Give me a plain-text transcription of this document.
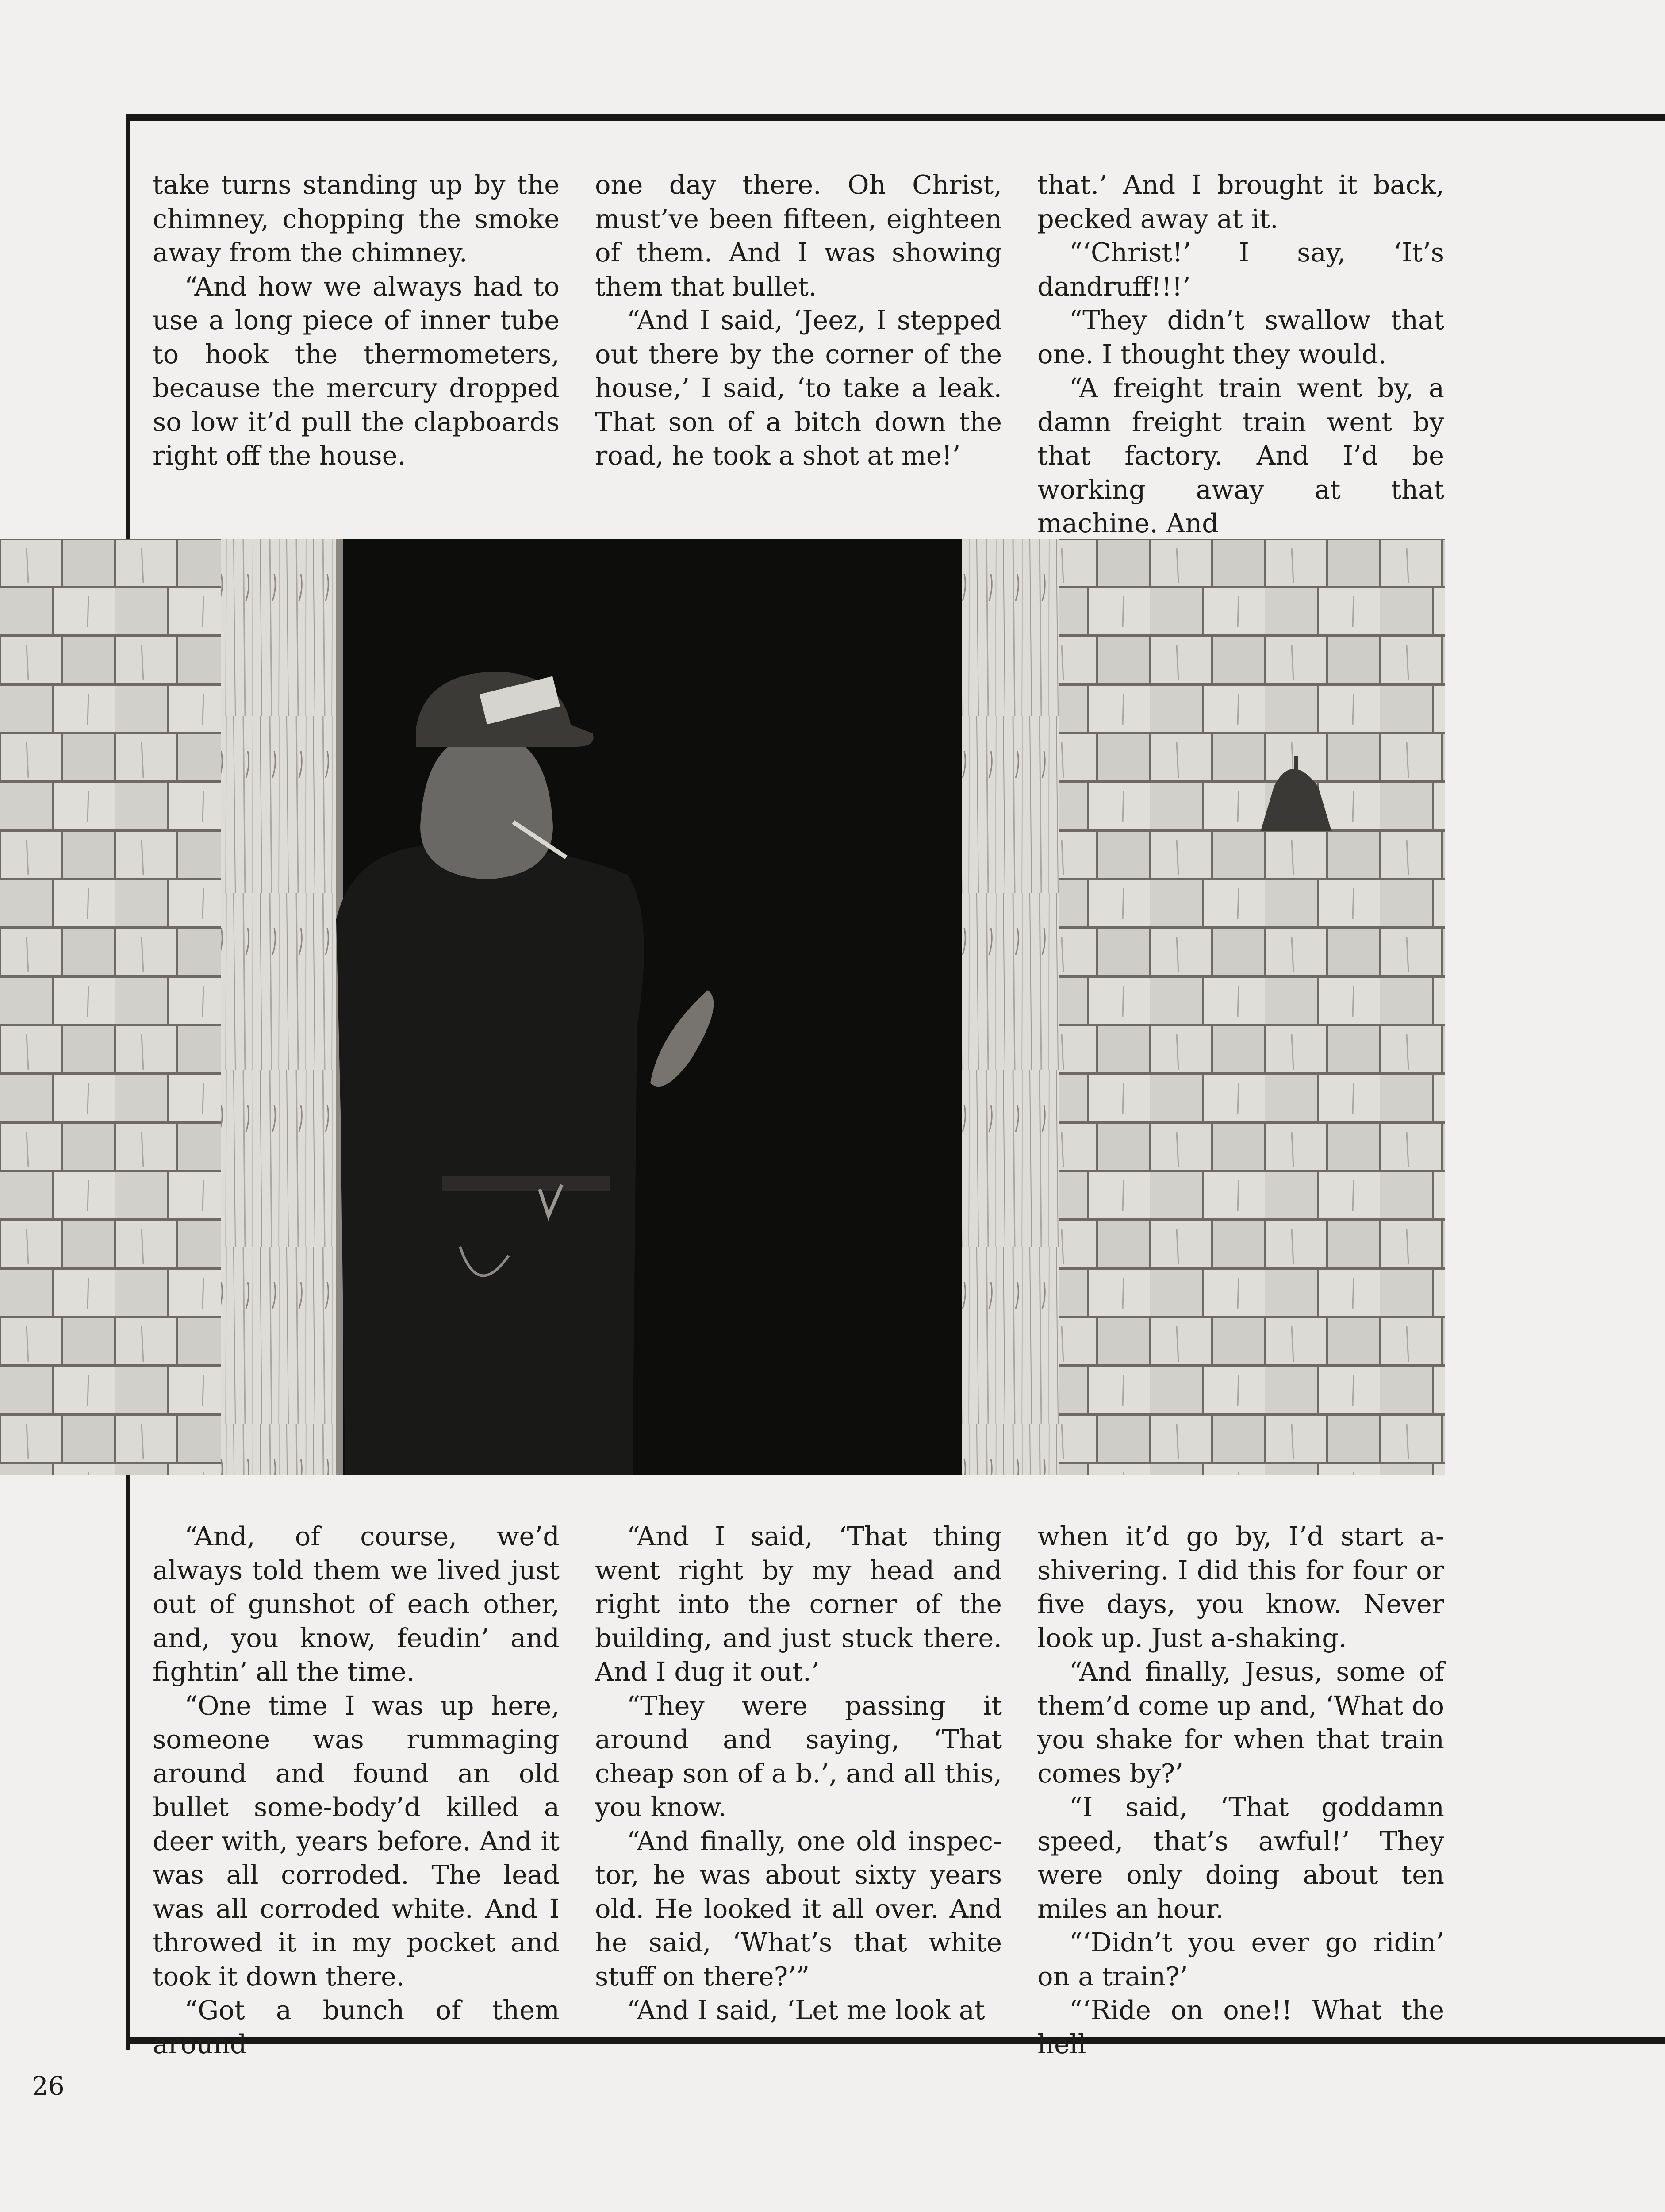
take turns standing up by the chimney, chopping the smoke away from the chimney.

“And how we always had to use a long piece of inner tube to hook the thermometers, because the mercury dropped so low it’d pull the clapboards right off the house.

one day there. Oh Christ, must’ve been fifteen, eighteen of them. And I was showing them that bullet.

“And I said, ‘Jeez, I stepped out there by the corner of the house,’ I said, ‘to take a leak. That son of a bitch down the road, he took a shot at me!’

that.’ And I brought it back, pecked away at it.

“‘Christ!’ I say, ‘It’s dandruff!!!’

“They didn’t swallow that one. I thought they would.

“A freight train went by, a damn freight train went by that factory. And I’d be working away at that machine. And

“And, of course, we’d always told them we lived just out of gunshot of each other, and, you know, feudin’ and fightin’ all the time.

“One time I was up here, someone was rummaging around and found an old bullet some-body’d killed a deer with, years before. And it was all corroded. The lead was all corroded white. And I throwed it in my pocket and took it down there.

“Got a bunch of them around

“And I said, ‘That thing went right by my head and right into the corner of the building, and just stuck there. And I dug it out.’

“They were passing it around and saying, ‘That cheap son of a b.’, and all this, you know.

“And finally, one old inspec-tor, he was about sixty years old. He looked it all over. And he said, ‘What’s that white stuff on there?’”

“And I said, ‘Let me look at

when it’d go by, I’d start a-shivering. I did this for four or five days, you know. Never look up. Just a-shaking.

“And finally, Jesus, some of them’d come up and, ‘What do you shake for when that train comes by?’

“I said, ‘That goddamn speed, that’s awful!’ They were only doing about ten miles an hour.

“‘Didn’t you ever go ridin’ on a train?’

“‘Ride on one!! What the hell

26
